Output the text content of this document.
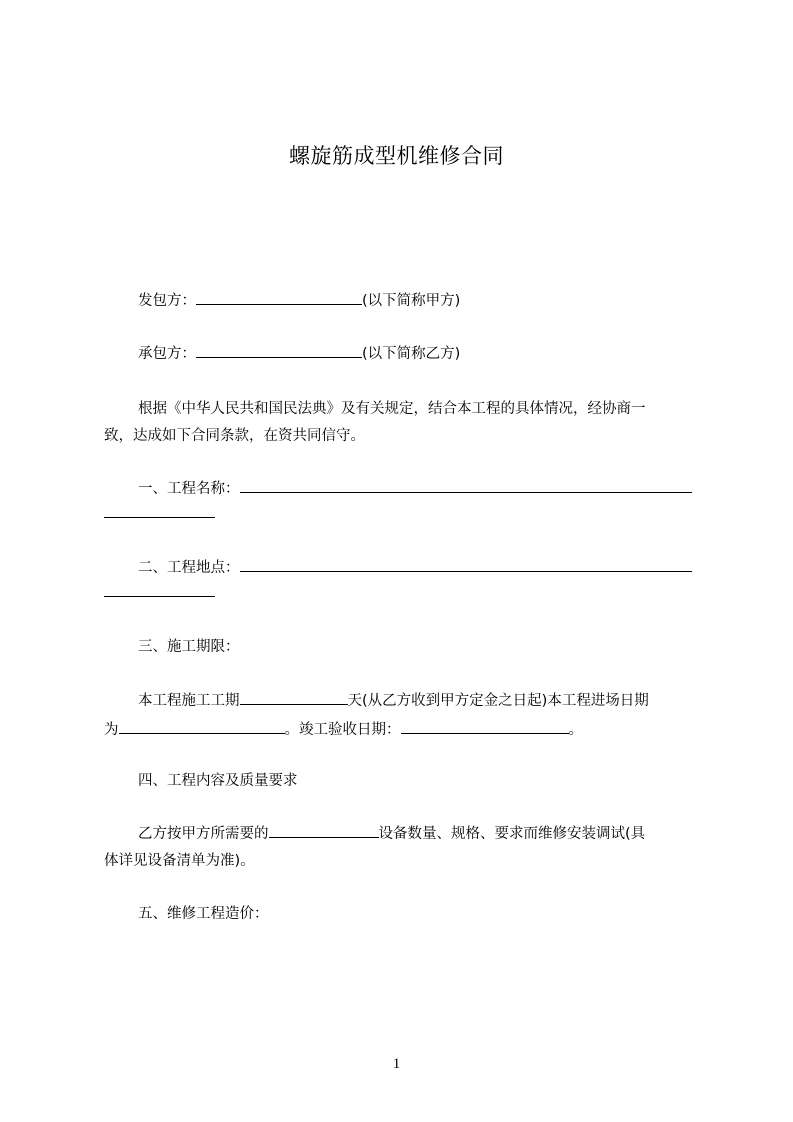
螺旋筋成型机维修合同
发包方：	(以下简称甲方)
承包方：	(以下简称乙方)
根据《中华人民共和国民法典》及有关规定，结合本工程的具体情况，经协商一
致，达成如下合同条款，在资共同信守。
一、工程名称：
二、工程地点：
三、施工期限：
本工程施工工期	天(从乙方收到甲方定金之日起)本工程进场日期
为	。竣工验收日期：	。
四、工程内容及质量要求
乙方按甲方所需要的	设备数量、规格、要求而维修安装调试(具
体详见设备清单为准)。
五、维修工程造价：
1
